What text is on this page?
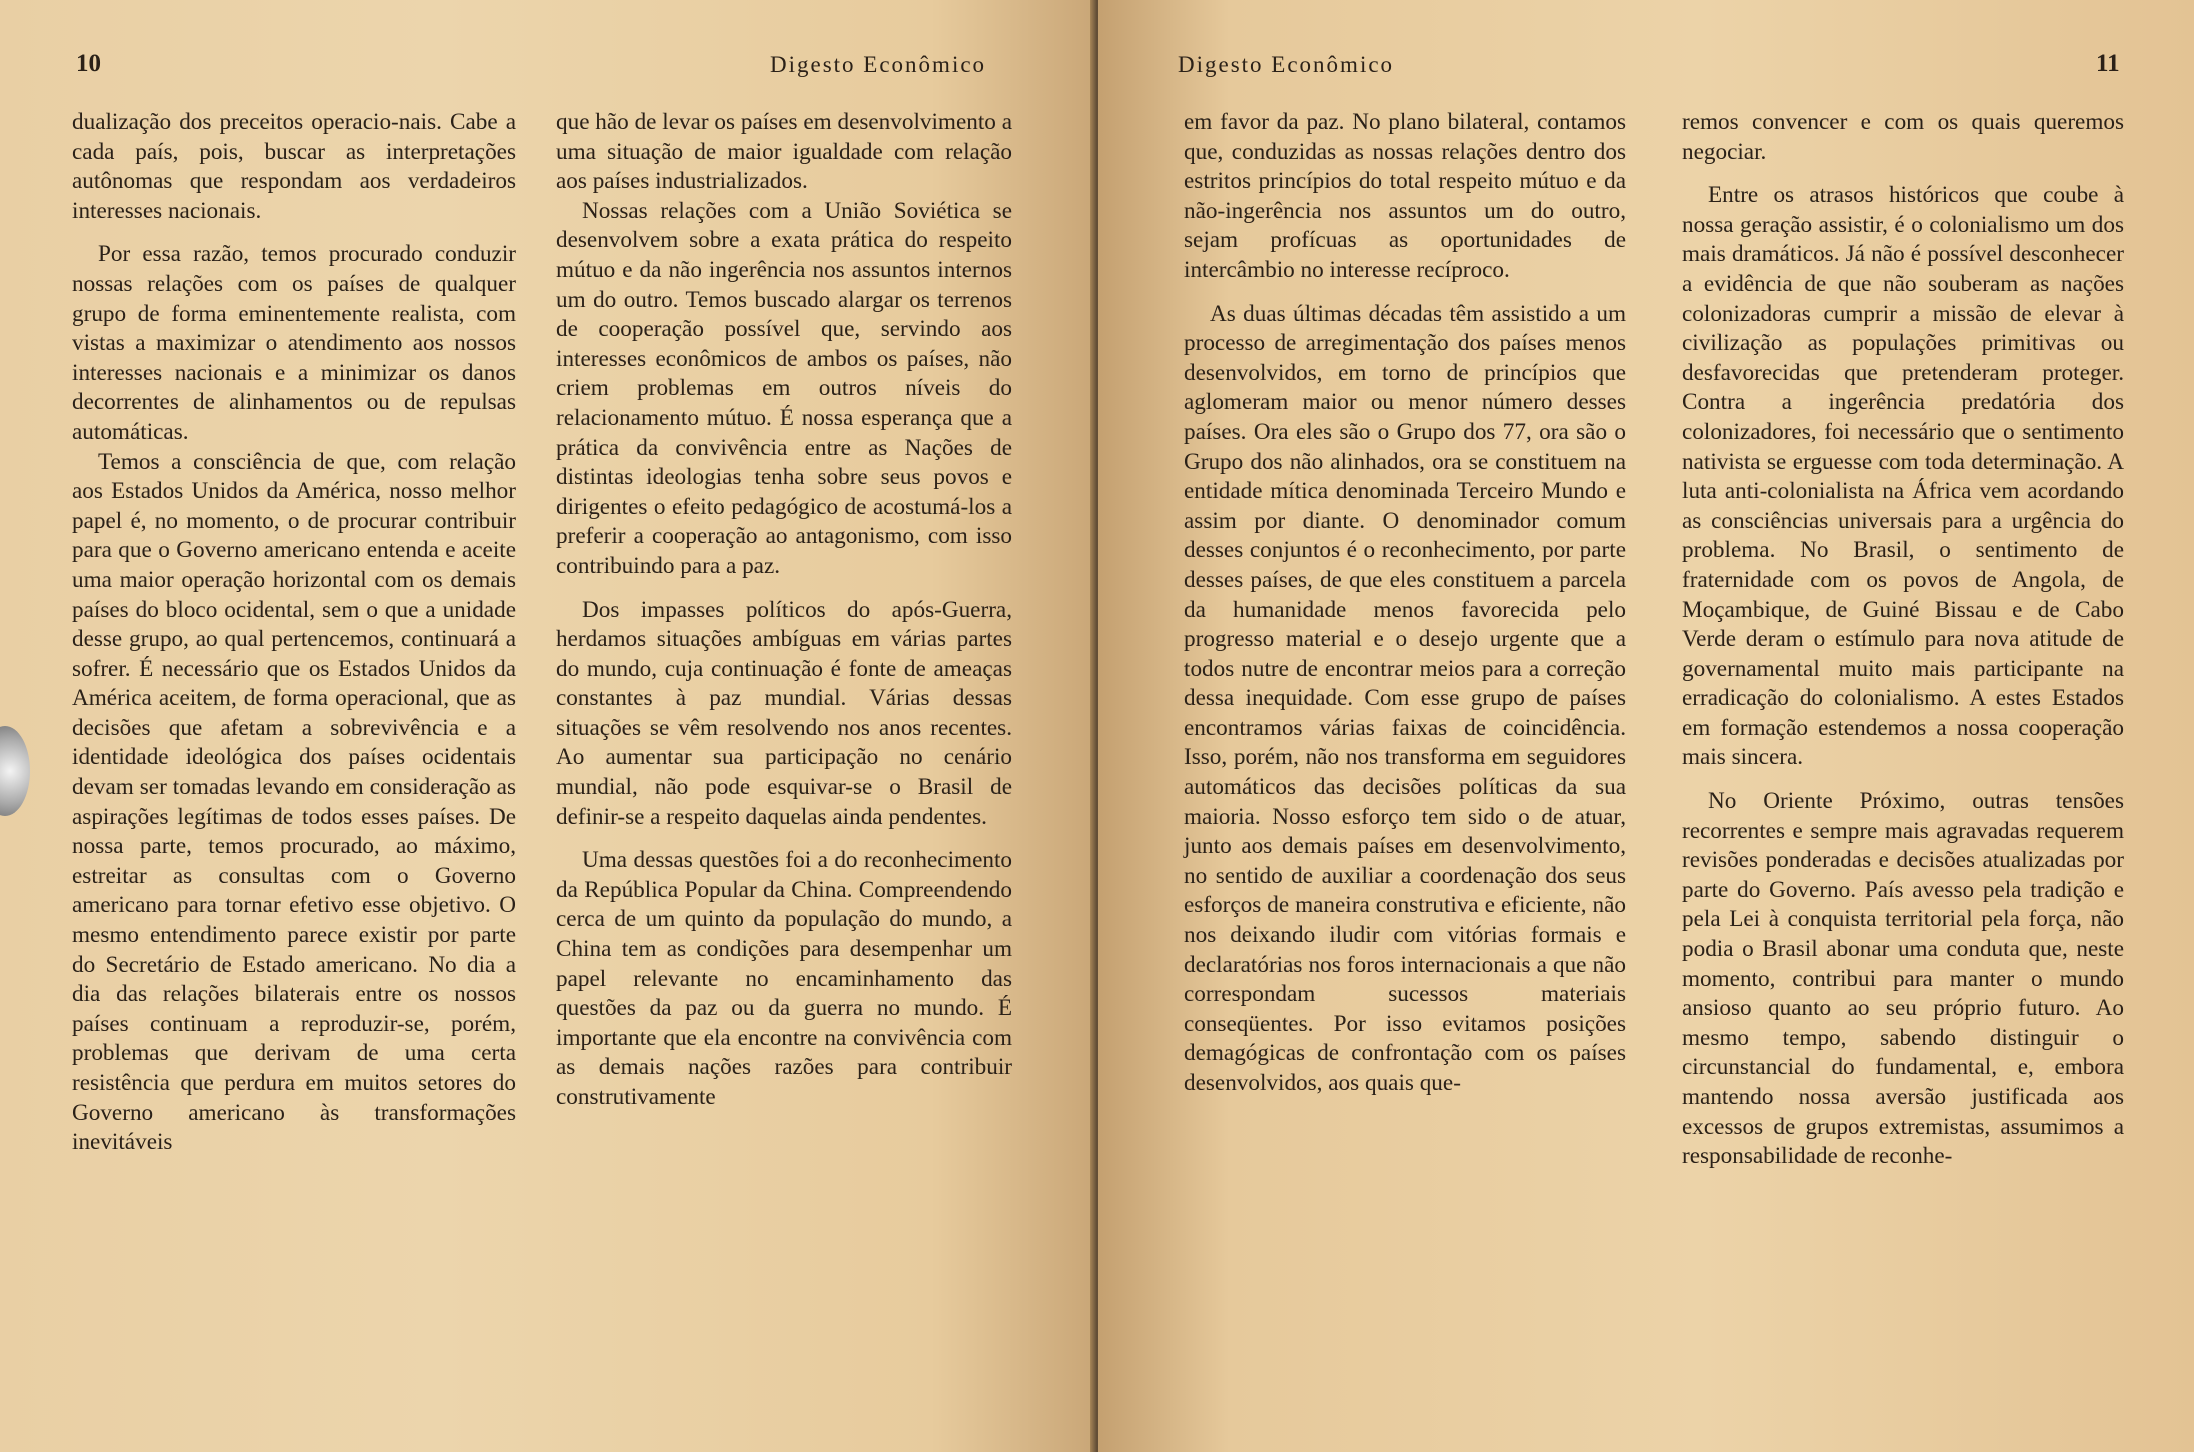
10	Digesto Econômico

dualização dos preceitos operacio-nais. Cabe a cada país, pois, buscar as interpretações autônomas que respondam aos verdadeiros interesses nacionais.

Por essa razão, temos procurado conduzir nossas relações com os países de qualquer grupo de forma eminentemente realista, com vistas a maximizar o atendimento aos nossos interesses nacionais e a minimizar os danos decorrentes de alinhamentos ou de repulsas automáticas.

Temos a consciência de que, com relação aos Estados Unidos da América, nosso melhor papel é, no momento, o de procurar contribuir para que o Governo americano entenda e aceite uma maior operação horizontal com os demais países do bloco ocidental, sem o que a unidade desse grupo, ao qual pertencemos, continuará a sofrer. É necessário que os Estados Unidos da América aceitem, de forma operacional, que as decisões que afetam a sobrevivência e a identidade ideológica dos países ocidentais devam ser tomadas levando em consideração as aspirações legítimas de todos esses países. De nossa parte, temos procurado, ao máximo, estreitar as consultas com o Governo americano para tornar efetivo esse objetivo. O mesmo entendimento parece existir por parte do Secretário de Estado americano. No dia a dia das relações bilaterais entre os nossos países continuam a reproduzir-se, porém, problemas que derivam de uma certa resistência que perdura em muitos setores do Governo americano às transformações inevitáveis

que hão de levar os países em desenvolvimento a uma situação de maior igualdade com relação aos países industrializados.

Nossas relações com a União Soviética se desenvolvem sobre a exata prática do respeito mútuo e da não ingerência nos assuntos internos um do outro. Temos buscado alargar os terrenos de cooperação possível que, servindo aos interesses econômicos de ambos os países, não criem problemas em outros níveis do relacionamento mútuo. É nossa esperança que a prática da convivência entre as Nações de distintas ideologias tenha sobre seus povos e dirigentes o efeito pedagógico de acostumá-los a preferir a cooperação ao antagonismo, com isso contribuindo para a paz.

Dos impasses políticos do após-Guerra, herdamos situações ambíguas em várias partes do mundo, cuja continuação é fonte de ameaças constantes à paz mundial. Várias dessas situações se vêm resolvendo nos anos recentes. Ao aumentar sua participação no cenário mundial, não pode esquivar-se o Brasil de definir-se a respeito daquelas ainda pendentes.

Uma dessas questões foi a do reconhecimento da República Popular da China. Compreendendo cerca de um quinto da população do mundo, a China tem as condições para desempenhar um papel relevante no encaminhamento das questões da paz ou da guerra no mundo. É importante que ela encontre na convivência com as demais nações razões para contribuir construtivamente

Digesto Econômico	11

em favor da paz. No plano bilateral, contamos que, conduzidas as nossas relações dentro dos estritos princípios do total respeito mútuo e da não-ingerência nos assuntos um do outro, sejam profícuas as oportunidades de intercâmbio no interesse recíproco.

As duas últimas décadas têm assistido a um processo de arregimentação dos países menos desenvolvidos, em torno de princípios que aglomeram maior ou menor número desses países. Ora eles são o Grupo dos 77, ora são o Grupo dos não alinhados, ora se constituem na entidade mítica denominada Terceiro Mundo e assim por diante. O denominador comum desses conjuntos é o reconhecimento, por parte desses países, de que eles constituem a parcela da humanidade menos favorecida pelo progresso material e o desejo urgente que a todos nutre de encontrar meios para a correção dessa inequidade. Com esse grupo de países encontramos várias faixas de coincidência. Isso, porém, não nos transforma em seguidores automáticos das decisões políticas da sua maioria. Nosso esforço tem sido o de atuar, junto aos demais países em desenvolvimento, no sentido de auxiliar a coordenação dos seus esforços de maneira construtiva e eficiente, não nos deixando iludir com vitórias formais e declaratórias nos foros internacionais a que não correspondam sucessos materiais conseqüentes. Por isso evitamos posições demagógicas de confrontação com os países desenvolvidos, aos quais que-

remos convencer e com os quais queremos negociar.

Entre os atrasos históricos que coube à nossa geração assistir, é o colonialismo um dos mais dramáticos. Já não é possível desconhecer a evidência de que não souberam as nações colonizadoras cumprir a missão de elevar à civilização as populações primitivas ou desfavorecidas que pretenderam proteger. Contra a ingerência predatória dos colonizadores, foi necessário que o sentimento nativista se erguesse com toda determinação. A luta anti-colonialista na África vem acordando as consciências universais para a urgência do problema. No Brasil, o sentimento de fraternidade com os povos de Angola, de Moçambique, de Guiné Bissau e de Cabo Verde deram o estímulo para nova atitude de governamental muito mais participante na erradicação do colonialismo. A estes Estados em formação estendemos a nossa cooperação mais sincera.

No Oriente Próximo, outras tensões recorrentes e sempre mais agravadas requerem revisões ponderadas e decisões atualizadas por parte do Governo. País avesso pela tradição e pela Lei à conquista territorial pela força, não podia o Brasil abonar uma conduta que, neste momento, contribui para manter o mundo ansioso quanto ao seu próprio futuro. Ao mesmo tempo, sabendo distinguir o circunstancial do fundamental, e, embora mantendo nossa aversão justificada aos excessos de grupos extremistas, assumimos a responsabilidade de reconhe-
